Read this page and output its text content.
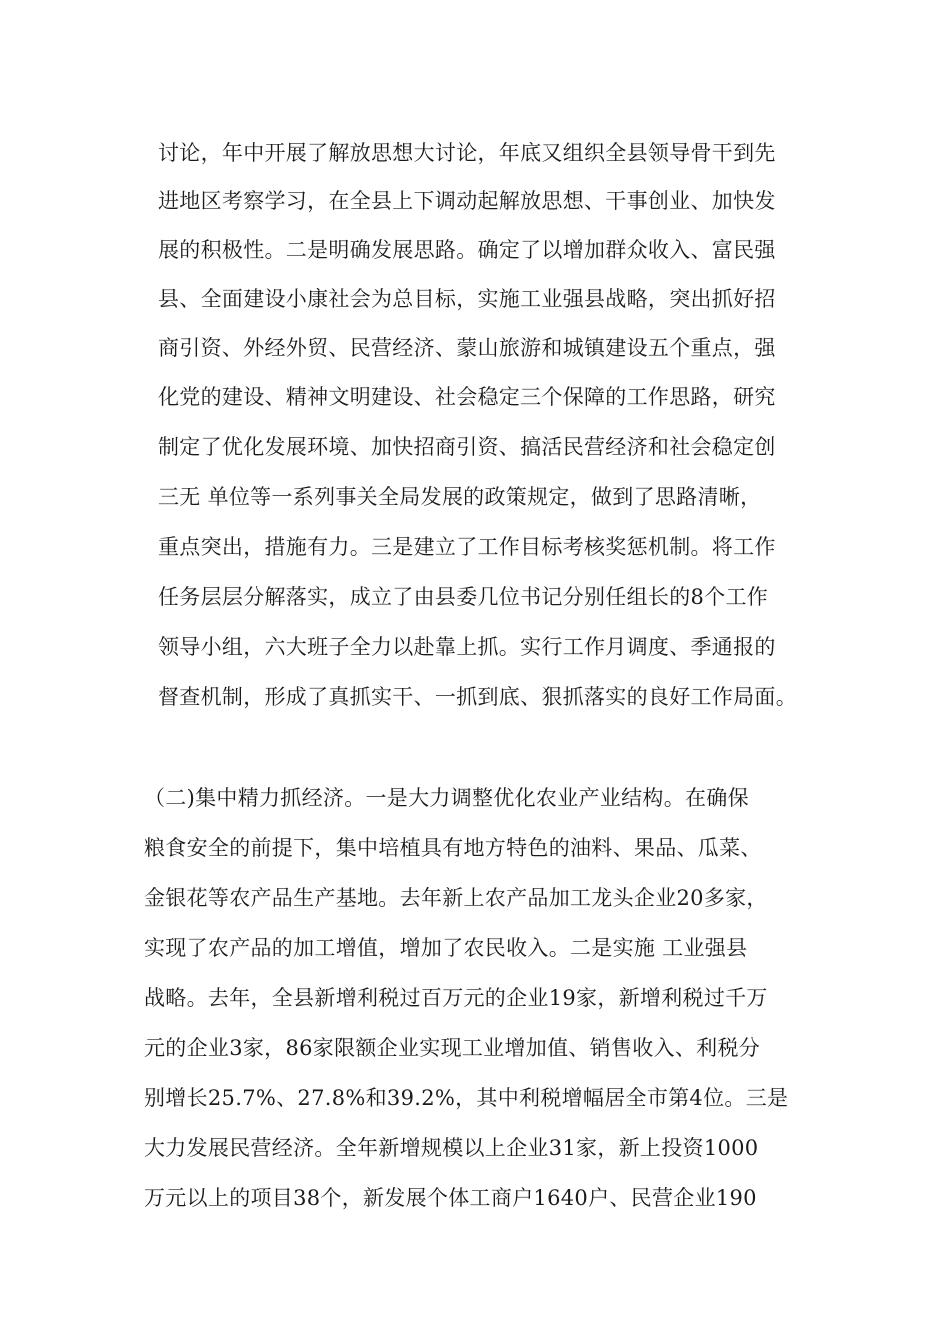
讨论，年中开展了解放思想大讨论，年底又组织全县领导骨干到先
进地区考察学习，在全县上下调动起解放思想、干事创业、加快发
展的积极性。二是明确发展思路。确定了以增加群众收入、富民强
县、全面建设小康社会为总目标，实施工业强县战略，突出抓好招
商引资、外经外贸、民营经济、蒙山旅游和城镇建设五个重点，强
化党的建设、精神文明建设、社会稳定三个保障的工作思路，研究
制定了优化发展环境、加快招商引资、搞活民营经济和社会稳定创
三无 单位等一系列事关全局发展的政策规定，做到了思路清晰，
重点突出，措施有力。三是建立了工作目标考核奖惩机制。将工作
任务层层分解落实，成立了由县委几位书记分别任组长的8个工作
领导小组，六大班子全力以赴靠上抓。实行工作月调度、季通报的
督查机制，形成了真抓实干、一抓到底、狠抓落实的良好工作局面。
（二)集中精力抓经济。一是大力调整优化农业产业结构。在确保
粮食安全的前提下，集中培植具有地方特色的油料、果品、瓜菜、
金银花等农产品生产基地。去年新上农产品加工龙头企业20多家，
实现了农产品的加工增值，增加了农民收入。二是实施 工业强县
战略。去年，全县新增利税过百万元的企业19家，新增利税过千万
元的企业3家，86家限额企业实现工业增加值、销售收入、利税分
别增长25.7%、27.8%和39.2%，其中利税增幅居全市第4位。三是
大力发展民营经济。全年新增规模以上企业31家，新上投资1000
万元以上的项目38个，新发展个体工商户1640户、民营企业190
